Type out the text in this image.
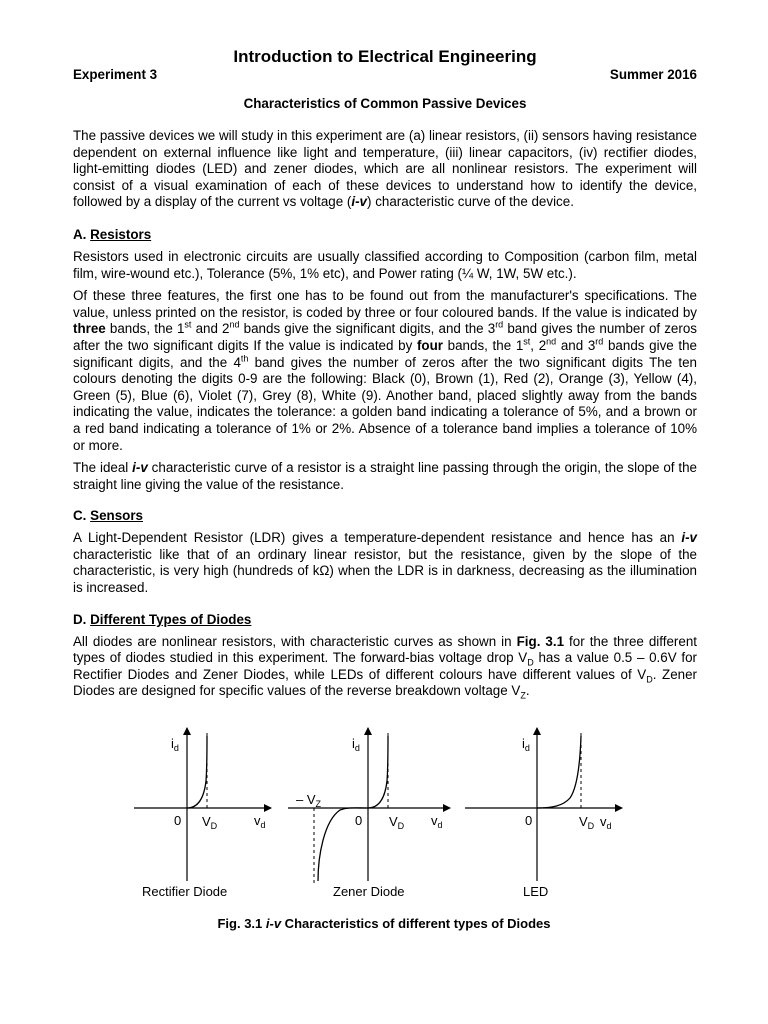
Introduction to Electrical Engineering
Experiment 3	Summer 2016
Characteristics of Common Passive Devices

The passive devices we will study in this experiment are (a) linear resistors, (ii) sensors having resistance dependent on external influence like light and temperature, (iii) linear capacitors, (iv) rectifier diodes, light-emitting diodes (LED) and zener diodes, which are all nonlinear resistors. The experiment will consist of a visual examination of each of these devices to understand how to identify the device, followed by a display of the current vs voltage (i-v) characteristic curve of the device.

A. Resistors

Resistors used in electronic circuits are usually classified according to Composition (carbon film, metal film, wire-wound etc.), Tolerance (5%, 1% etc), and Power rating (¼ W, 1W, 5W etc.).

Of these three features, the first one has to be found out from the manufacturer's specifications. The value, unless printed on the resistor, is coded by three or four coloured bands. If the value is indicated by three bands, the 1st and 2nd bands give the significant digits, and the 3rd band gives the number of zeros after the two significant digits If the value is indicated by four bands, the 1st, 2nd and 3rd bands give the significant digits, and the 4th band gives the number of zeros after the two significant digits The ten colours denoting the digits 0-9 are the following: Black (0), Brown (1), Red (2), Orange (3), Yellow (4), Green (5), Blue (6), Violet (7), Grey (8), White (9). Another band, placed slightly away from the bands indicating the value, indicates the tolerance: a golden band indicating a tolerance of 5%, and a brown or a red band indicating a tolerance of 1% or 2%. Absence of a tolerance band implies a tolerance of 10% or more.

The ideal i-v characteristic curve of a resistor is a straight line passing through the origin, the slope of the straight line giving the value of the resistance.

C. Sensors

A Light-Dependent Resistor (LDR) gives a temperature-dependent resistance and hence has an i-v characteristic like that of an ordinary linear resistor, but the resistance, given by the slope of the characteristic, is very high (hundreds of kΩ) when the LDR is in darkness, decreasing as the illumination is increased.

D. Different Types of Diodes

All diodes are nonlinear resistors, with characteristic curves as shown in Fig. 3.1 for the three different types of diodes studied in this experiment. The forward-bias voltage drop $V_D$ has a value 0.5 – 0.6V for Rectifier Diodes and Zener Diodes, while LEDs of different colours have different values of $V_D$. Zener Diodes are designed for specific values of the reverse breakdown voltage $V_Z$.

$i_d$
0 $V_D$	$v_d$
$i_d$
– $V_Z$
0 $V_D$ $v_d$
$i_d$
0	$V_D$ $v_d$
Rectifier Diode	Zener Diode	LED
Fig. 3.1 i-v Characteristics of different types of Diodes
